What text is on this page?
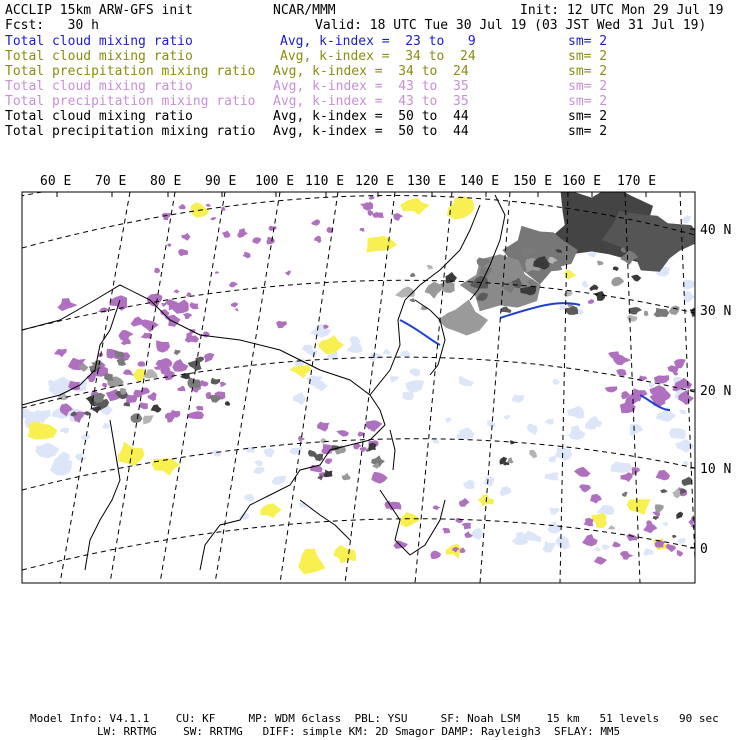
ACCLIP 15km ARW-GFS init	NCAR/MMM	Init: 12 UTC Mon 29 Jul 19
Fcst:   30 h	Valid: 18 UTC Tue 30 Jul 19 (03 JST Wed 31 Jul 19)
Total cloud mixing ratio	Avg, k-index =  23 to   9	sm= 2
Total cloud mixing ratio	Avg, k-index =  34 to  24	sm= 2
Total precipitation mixing ratio Avg, k-index =  34 to  24	sm= 2
Total cloud mixing ratio	Avg, k-index =  43 to  35	sm= 2
Total precipitation mixing ratio Avg, k-index =  43 to  35	sm= 2
Total cloud mixing ratio	Avg, k-index =  50 to  44	sm= 2
Total precipitation mixing ratio Avg, k-index =  50 to  44	sm= 2
60 E 70 E 80 E 90 E 100 E 110 E 120 E 130 E 140 E 150 E 160 E 170 E
40 N
30 N
20 N
10 N
0
Model Info: V4.1.1    CU: KF     MP: WDM 6class  PBL: YSU     SF: Noah LSM    15 km   51 levels   90 sec
LW: RRTMG    SW: RRTMG   DIFF: simple KM: 2D Smagor DAMP: Rayleigh3  SFLAY: MM5
